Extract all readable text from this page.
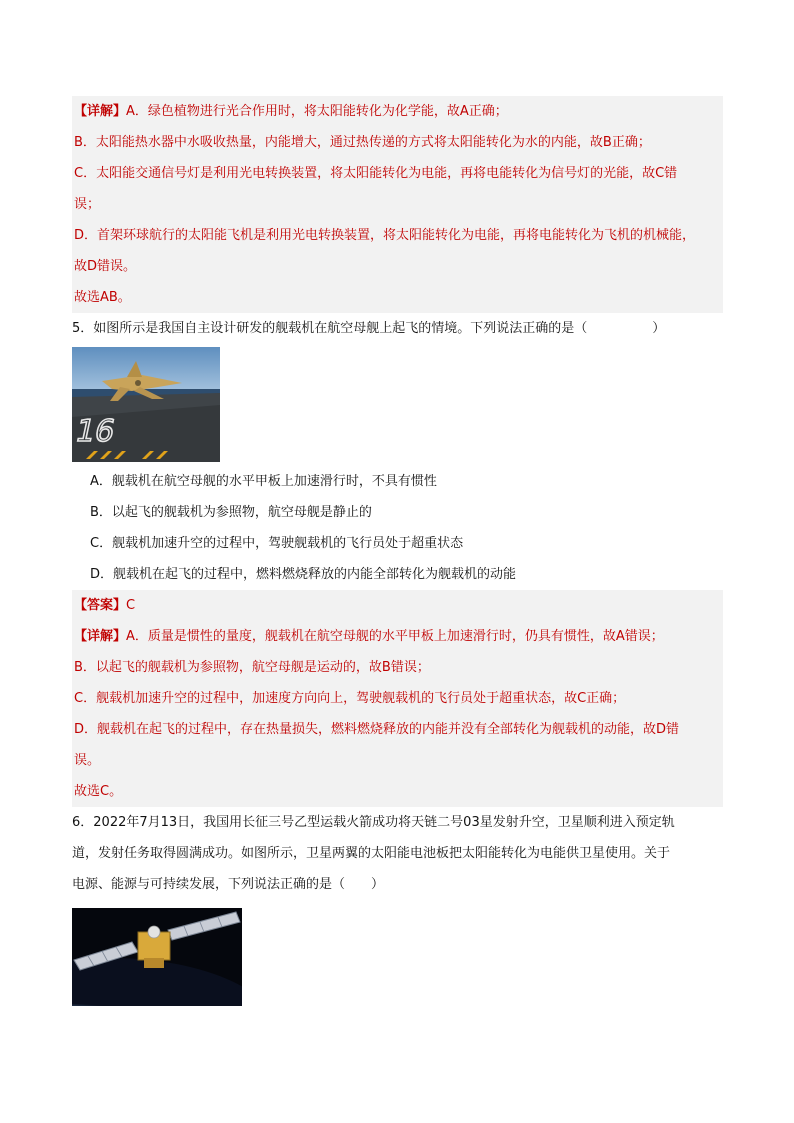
【详解】A．绿色植物进行光合作用时，将太阳能转化为化学能，故A正确；
B．太阳能热水器中水吸收热量，内能增大，通过热传递的方式将太阳能转化为水的内能，故B正确；
C．太阳能交通信号灯是利用光电转换装置，将太阳能转化为电能，再将电能转化为信号灯的光能，故C错
误；
D．首架环球航行的太阳能飞机是利用光电转换装置，将太阳能转化为电能，再将电能转化为飞机的机械能，
故D错误。
故选AB。
5．如图所示是我国自主设计研发的舰载机在航空母舰上起飞的情境。下列说法正确的是（　　　　　）
16
A．舰载机在航空母舰的水平甲板上加速滑行时，不具有惯性
B．以起飞的舰载机为参照物，航空母舰是静止的
C．舰载机加速升空的过程中，驾驶舰载机的飞行员处于超重状态
D．舰载机在起飞的过程中，燃料燃烧释放的内能全部转化为舰载机的动能
【答案】C
【详解】A．质量是惯性的量度，舰载机在航空母舰的水平甲板上加速滑行时，仍具有惯性，故A错误；
B．以起飞的舰载机为参照物，航空母舰是运动的，故B错误；
C．舰载机加速升空的过程中，加速度方向向上，驾驶舰载机的飞行员处于超重状态，故C正确；
D．舰载机在起飞的过程中，存在热量损失，燃料燃烧释放的内能并没有全部转化为舰载机的动能，故D错
误。
故选C。
6．2022年7月13日，我国用长征三号乙型运载火箭成功将天链二号03星发射升空，卫星顺利进入预定轨
道，发射任务取得圆满成功。如图所示，卫星两翼的太阳能电池板把太阳能转化为电能供卫星使用。关于
电源、能源与可持续发展，下列说法正确的是（　　）
